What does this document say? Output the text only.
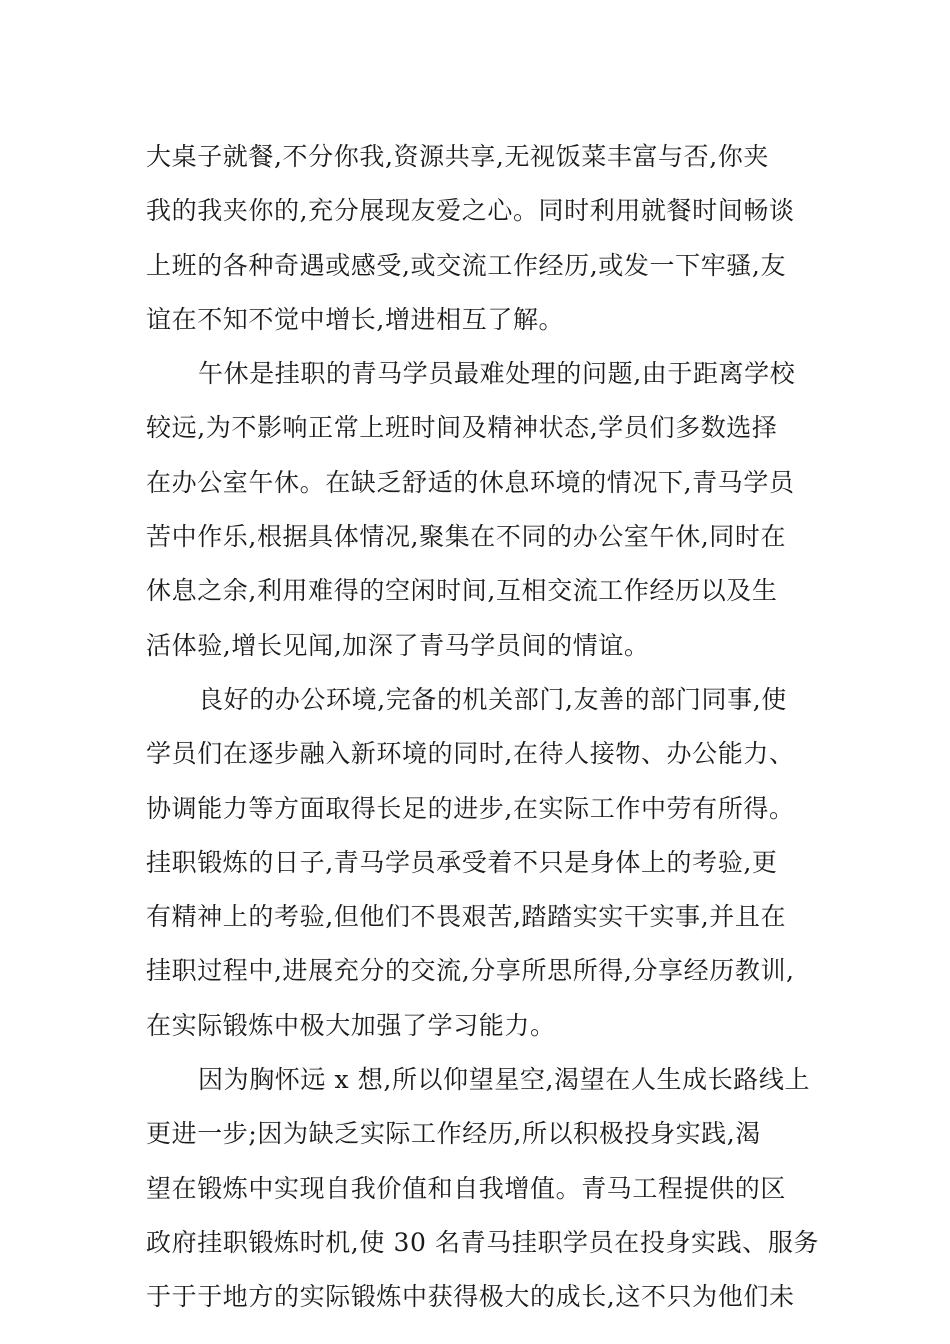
大桌子就餐,不分你我,资源共享,无视饭菜丰富与否,你夹
我的我夹你的,充分展现友爱之心。同时利用就餐时间畅谈
上班的各种奇遇或感受,或交流工作经历,或发一下牢骚,友
谊在不知不觉中增长,增进相互了解。
午休是挂职的青马学员最难处理的问题,由于距离学校
较远,为不影响正常上班时间及精神状态,学员们多数选择
在办公室午休。在缺乏舒适的休息环境的情况下,青马学员
苦中作乐,根据具体情况,聚集在不同的办公室午休,同时在
休息之余,利用难得的空闲时间,互相交流工作经历以及生
活体验,增长见闻,加深了青马学员间的情谊。
良好的办公环境,完备的机关部门,友善的部门同事,使
学员们在逐步融入新环境的同时,在待人接物、办公能力、
协调能力等方面取得长足的进步,在实际工作中劳有所得。
挂职锻炼的日子,青马学员承受着不只是身体上的考验,更
有精神上的考验,但他们不畏艰苦,踏踏实实干实事,并且在
挂职过程中,进展充分的交流,分享所思所得,分享经历教训,
在实际锻炼中极大加强了学习能力。
因为胸怀远 x 想,所以仰望星空,渴望在人生成长路线上
更进一步;因为缺乏实际工作经历,所以积极投身实践,渴
望在锻炼中实现自我价值和自我增值。青马工程提供的区
政府挂职锻炼时机,使 30 名青马挂职学员在投身实践、服务
于于于地方的实际锻炼中获得极大的成长,这不只为他们未
